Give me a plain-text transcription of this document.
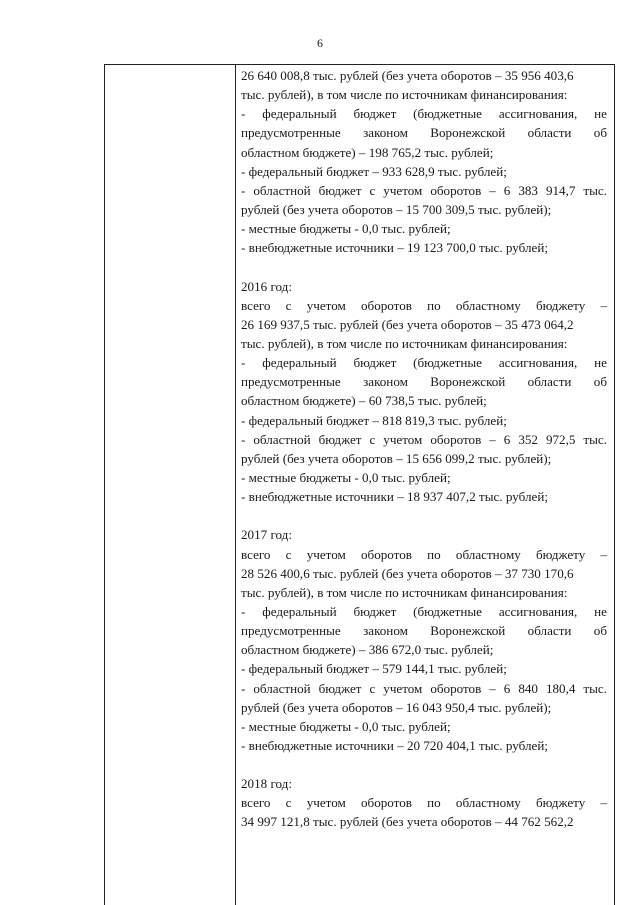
6
26 640 008,8 тыс. рублей (без учета оборотов – 35 956 403,6
тыс. рублей), в том числе по источникам финансирования:
- федеральный бюджет (бюджетные ассигнования, не
предусмотренные законом Воронежской области об
областном бюджете) – 198 765,2 тыс. рублей;
- федеральный бюджет – 933 628,9 тыс. рублей;
- областной бюджет с учетом оборотов – 6 383 914,7 тыс.
рублей (без учета оборотов – 15 700 309,5 тыс. рублей);
- местные бюджеты - 0,0 тыс. рублей;
- внебюджетные источники – 19 123 700,0 тыс. рублей;
2016 год:
всего с учетом оборотов по областному бюджету –
26 169 937,5 тыс. рублей (без учета оборотов – 35 473 064,2
тыс. рублей), в том числе по источникам финансирования:
- федеральный бюджет (бюджетные ассигнования, не
предусмотренные законом Воронежской области об
областном бюджете) – 60 738,5 тыс. рублей;
- федеральный бюджет – 818 819,3 тыс. рублей;
- областной бюджет с учетом оборотов – 6 352 972,5 тыс.
рублей (без учета оборотов – 15 656 099,2 тыс. рублей);
- местные бюджеты - 0,0 тыс. рублей;
- внебюджетные источники – 18 937 407,2 тыс. рублей;
2017 год:
всего с учетом оборотов по областному бюджету –
28 526 400,6 тыс. рублей (без учета оборотов – 37 730 170,6
тыс. рублей), в том числе по источникам финансирования:
- федеральный бюджет (бюджетные ассигнования, не
предусмотренные законом Воронежской области об
областном бюджете) – 386 672,0 тыс. рублей;
- федеральный бюджет – 579 144,1 тыс. рублей;
- областной бюджет с учетом оборотов – 6 840 180,4 тыс.
рублей (без учета оборотов – 16 043 950,4 тыс. рублей);
- местные бюджеты - 0,0 тыс. рублей;
- внебюджетные источники – 20 720 404,1 тыс. рублей;
2018 год:
всего с учетом оборотов по областному бюджету –
34 997 121,8 тыс. рублей (без учета оборотов – 44 762 562,2
